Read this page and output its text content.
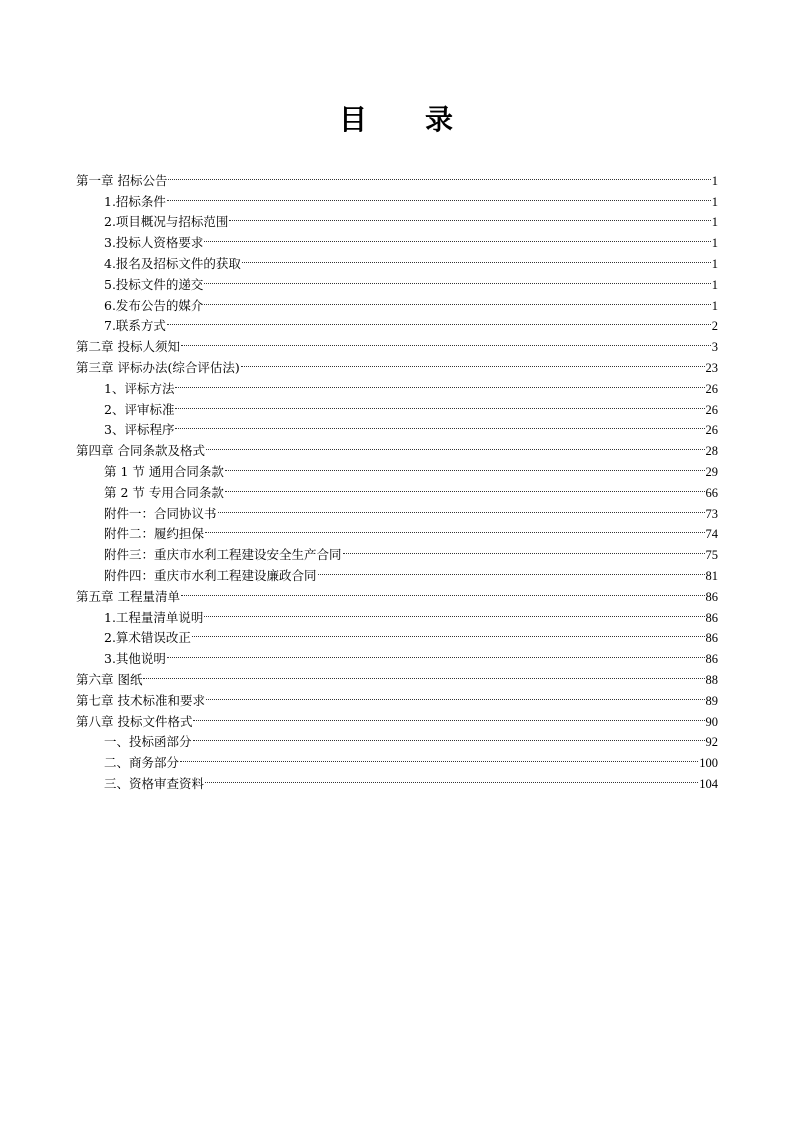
目 录
第一章 招标公告	1
1.招标条件	1
2.项目概况与招标范围	1
3.投标人资格要求	1
4.报名及招标文件的获取	1
5.投标文件的递交	1
6.发布公告的媒介	1
7.联系方式	2
第二章 投标人须知	3
第三章 评标办法(综合评估法)	23
1、评标方法	26
2、评审标准	26
3、评标程序	26
第四章 合同条款及格式	28
第 1 节 通用合同条款	29
第 2 节 专用合同条款	66
附件一：合同协议书	73
附件二：履约担保	74
附件三：重庆市水利工程建设安全生产合同	75
附件四：重庆市水利工程建设廉政合同	81
第五章 工程量清单	86
1.工程量清单说明	86
2.算术错误改正	86
3.其他说明	86
第六章 图纸	88
第七章 技术标准和要求	89
第八章 投标文件格式	90
一、投标函部分	92
二、商务部分	100
三、资格审查资料	104
